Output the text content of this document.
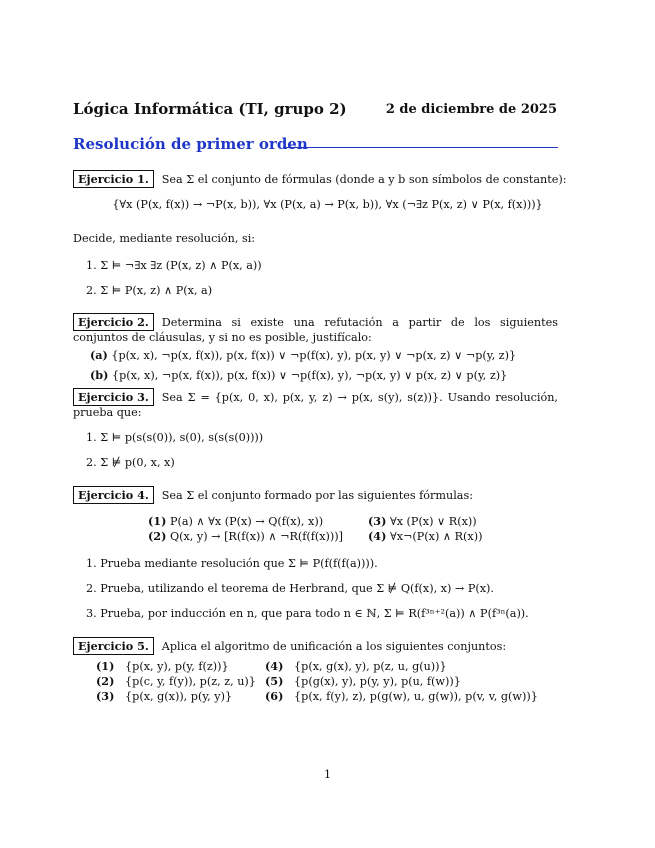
Lógica Informática (TI, grupo 2)	2 de diciembre de 2025
Resolución de primer orden
Ejercicio 1. Sea Σ el conjunto de fórmulas (donde a y b son símbolos de constante):
{∀x (P(x, f(x)) → ¬P(x, b)), ∀x (P(x, a) → P(x, b)), ∀x (¬∃z P(x, z) ∨ P(x, f(x)))}
Decide, mediante resolución, si:
1. Σ ⊨ ¬∃x ∃z (P(x, z) ∧ P(x, a))
2. Σ ⊨ P(x, z) ∧ P(x, a)
Ejercicio 2. Determina si existe una refutación a partir de los siguientes conjuntos de cláusulas, y si no es posible, justifícalo:
(a) {p(x, x), ¬p(x, f(x)), p(x, f(x)) ∨ ¬p(f(x), y), p(x, y) ∨ ¬p(x, z) ∨ ¬p(y, z)}
(b) {p(x, x), ¬p(x, f(x)), p(x, f(x)) ∨ ¬p(f(x), y), ¬p(x, y) ∨ p(x, z) ∨ p(y, z)}
Ejercicio 3. Sea Σ = {p(x, 0, x), p(x, y, z) → p(x, s(y), s(z))}. Usando resolución, prueba que:
1. Σ ⊨ p(s(s(0)), s(0), s(s(s(0))))
2. Σ ⊭ p(0, x, x)
Ejercicio 4. Sea Σ el conjunto formado por las siguientes fórmulas:
(1) P(a) ∧ ∀x (P(x) → Q(f(x), x))	(3) ∀x (P(x) ∨ R(x))
(2) Q(x, y) → [R(f(x)) ∧ ¬R(f(f(x)))] (4) ∀x¬(P(x) ∧ R(x))
1. Prueba mediante resolución que Σ ⊨ P(f(f(f(a)))).
2. Prueba, utilizando el teorema de Herbrand, que Σ ⊭ Q(f(x), x) → P(x).
3. Prueba, por inducción en n, que para todo n ∈ ℕ, Σ ⊨ R(f³ⁿ⁺²(a)) ∧ P(f³ⁿ(a)).
Ejercicio 5. Aplica el algoritmo de unificación a los siguientes conjuntos:
(1) {p(x, y), p(y, f(z))}	(4) {p(x, g(x), y), p(z, u, g(u))}
(2) {p(c, y, f(y)), p(z, z, u)} (5) {p(g(x), y), p(y, y), p(u, f(w))}
(3) {p(x, g(x)), p(y, y)}	(6) {p(x, f(y), z), p(g(w), u, g(w)), p(v, v, g(w))}
1
